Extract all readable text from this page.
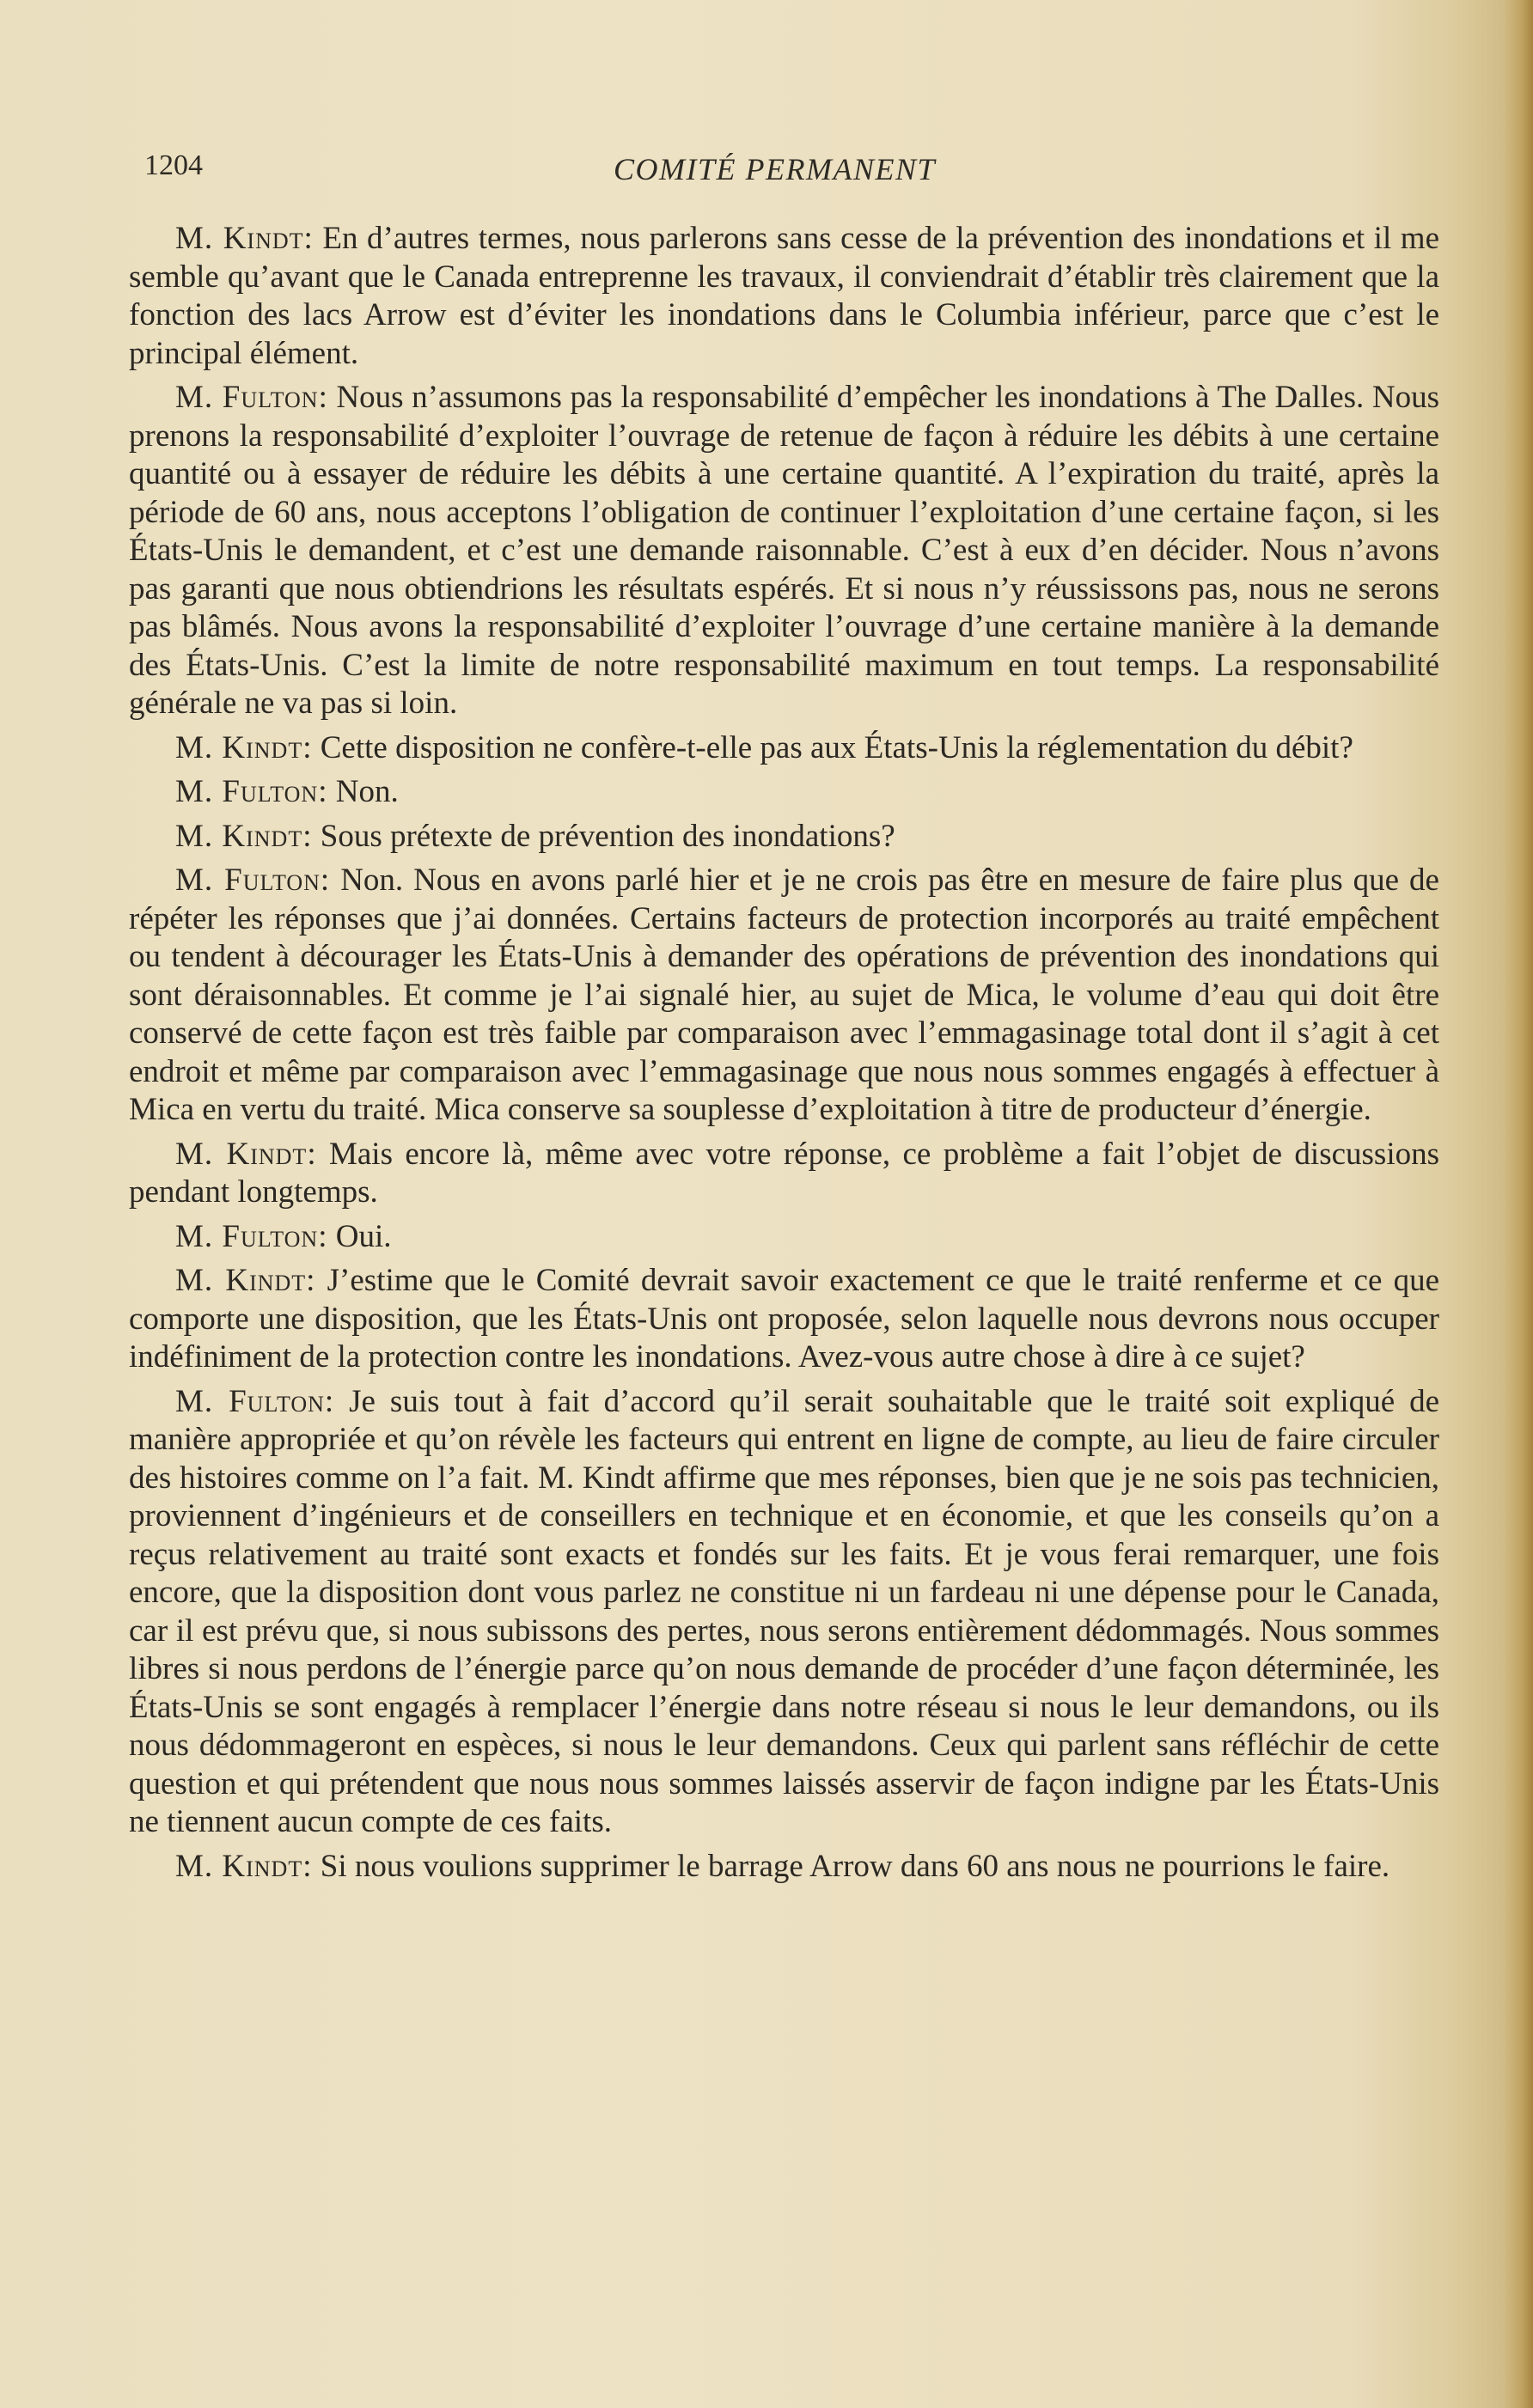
1204	COMITÉ PERMANENT

M. Kindt: En d’autres termes, nous parlerons sans cesse de la prévention des inondations et il me semble qu’avant que le Canada entreprenne les travaux, il conviendrait d’établir très clairement que la fonction des lacs Arrow est d’éviter les inondations dans le Columbia inférieur, parce que c’est le principal élément.

M. Fulton: Nous n’assumons pas la responsabilité d’empêcher les inondations à The Dalles. Nous prenons la responsabilité d’exploiter l’ouvrage de retenue de façon à réduire les débits à une certaine quantité ou à essayer de réduire les débits à une certaine quantité. A l’expiration du traité, après la période de 60 ans, nous acceptons l’obligation de continuer l’exploitation d’une certaine façon, si les États-Unis le demandent, et c’est une demande raisonnable. C’est à eux d’en décider. Nous n’avons pas garanti que nous obtiendrions les résultats espérés. Et si nous n’y réussissons pas, nous ne serons pas blâmés. Nous avons la responsabilité d’exploiter l’ouvrage d’une certaine manière à la demande des États-Unis. C’est la limite de notre responsabilité maximum en tout temps. La responsabilité générale ne va pas si loin.

M. Kindt: Cette disposition ne confère-t-elle pas aux États-Unis la réglementation du débit?

M. Fulton: Non.

M. Kindt: Sous prétexte de prévention des inondations?

M. Fulton: Non. Nous en avons parlé hier et je ne crois pas être en mesure de faire plus que de répéter les réponses que j’ai données. Certains facteurs de protection incorporés au traité empêchent ou tendent à décourager les États-Unis à demander des opérations de prévention des inondations qui sont déraisonnables. Et comme je l’ai signalé hier, au sujet de Mica, le volume d’eau qui doit être conservé de cette façon est très faible par comparaison avec l’emmagasinage total dont il s’agit à cet endroit et même par comparaison avec l’emmagasinage que nous nous sommes engagés à effectuer à Mica en vertu du traité. Mica conserve sa souplesse d’exploitation à titre de producteur d’énergie.

M. Kindt: Mais encore là, même avec votre réponse, ce problème a fait l’objet de discussions pendant longtemps.

M. Fulton: Oui.

M. Kindt: J’estime que le Comité devrait savoir exactement ce que le traité renferme et ce que comporte une disposition, que les États-Unis ont proposée, selon laquelle nous devrons nous occuper indéfiniment de la protection contre les inondations. Avez-vous autre chose à dire à ce sujet?

M. Fulton: Je suis tout à fait d’accord qu’il serait souhaitable que le traité soit expliqué de manière appropriée et qu’on révèle les facteurs qui entrent en ligne de compte, au lieu de faire circuler des histoires comme on l’a fait. M. Kindt affirme que mes réponses, bien que je ne sois pas technicien, proviennent d’ingénieurs et de conseillers en technique et en économie, et que les conseils qu’on a reçus relativement au traité sont exacts et fondés sur les faits. Et je vous ferai remarquer, une fois encore, que la disposition dont vous parlez ne constitue ni un fardeau ni une dépense pour le Canada, car il est prévu que, si nous subissons des pertes, nous serons entièrement dédommagés. Nous sommes libres si nous perdons de l’énergie parce qu’on nous demande de procéder d’une façon déterminée, les États-Unis se sont engagés à remplacer l’énergie dans notre réseau si nous le leur demandons, ou ils nous dédommageront en espèces, si nous le leur demandons. Ceux qui parlent sans réfléchir de cette question et qui prétendent que nous nous sommes laissés asservir de façon indigne par les États-Unis ne tiennent aucun compte de ces faits.

M. Kindt: Si nous voulions supprimer le barrage Arrow dans 60 ans nous ne pourrions le faire.
